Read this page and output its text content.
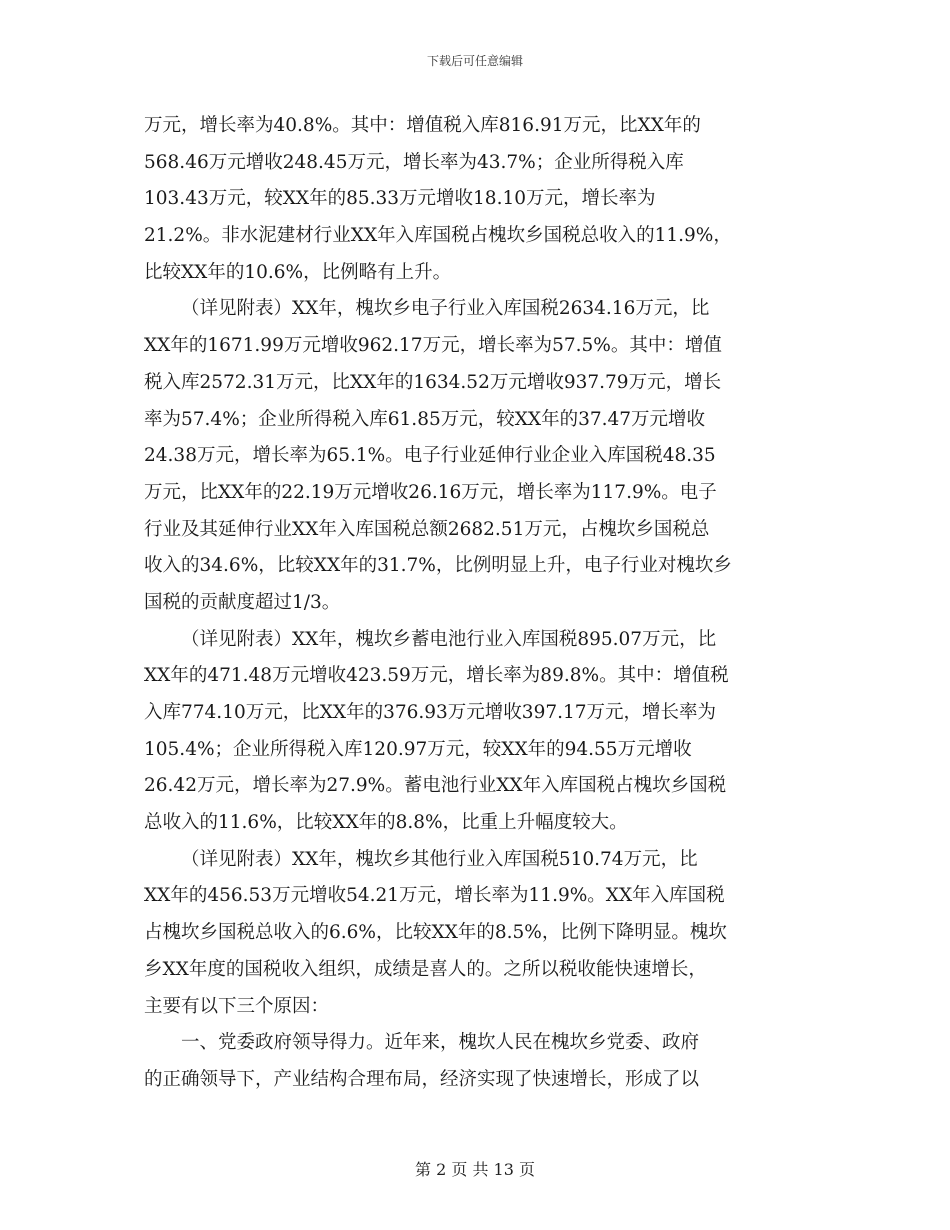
下载后可任意编辑
万元，增长率为40.8%。其中：增值税入库816.91万元，比XX年的
568.46万元增收248.45万元，增长率为43.7%；企业所得税入库
103.43万元，较XX年的85.33万元增收18.10万元，增长率为
21.2%。非水泥建材行业XX年入库国税占槐坎乡国税总收入的11.9%，
比较XX年的10.6%，比例略有上升。
（详见附表）XX年，槐坎乡电子行业入库国税2634.16万元，比
XX年的1671.99万元增收962.17万元，增长率为57.5%。其中：增值
税入库2572.31万元，比XX年的1634.52万元增收937.79万元，增长
率为57.4%；企业所得税入库61.85万元，较XX年的37.47万元增收
24.38万元，增长率为65.1%。电子行业延伸行业企业入库国税48.35
万元，比XX年的22.19万元增收26.16万元，增长率为117.9%。电子
行业及其延伸行业XX年入库国税总额2682.51万元，占槐坎乡国税总
收入的34.6%，比较XX年的31.7%，比例明显上升，电子行业对槐坎乡
国税的贡献度超过1/3。
（详见附表）XX年，槐坎乡蓄电池行业入库国税895.07万元，比
XX年的471.48万元增收423.59万元，增长率为89.8%。其中：增值税
入库774.10万元，比XX年的376.93万元增收397.17万元，增长率为
105.4%；企业所得税入库120.97万元，较XX年的94.55万元增收
26.42万元，增长率为27.9%。蓄电池行业XX年入库国税占槐坎乡国税
总收入的11.6%，比较XX年的8.8%，比重上升幅度较大。
（详见附表）XX年，槐坎乡其他行业入库国税510.74万元，比
XX年的456.53万元增收54.21万元，增长率为11.9%。XX年入库国税
占槐坎乡国税总收入的6.6%，比较XX年的8.5%，比例下降明显。槐坎
乡XX年度的国税收入组织，成绩是喜人的。之所以税收能快速增长，
主要有以下三个原因：
一、党委政府领导得力。近年来，槐坎人民在槐坎乡党委、政府
的正确领导下，产业结构合理布局，经济实现了快速增长，形成了以
第 2 页 共 13 页
